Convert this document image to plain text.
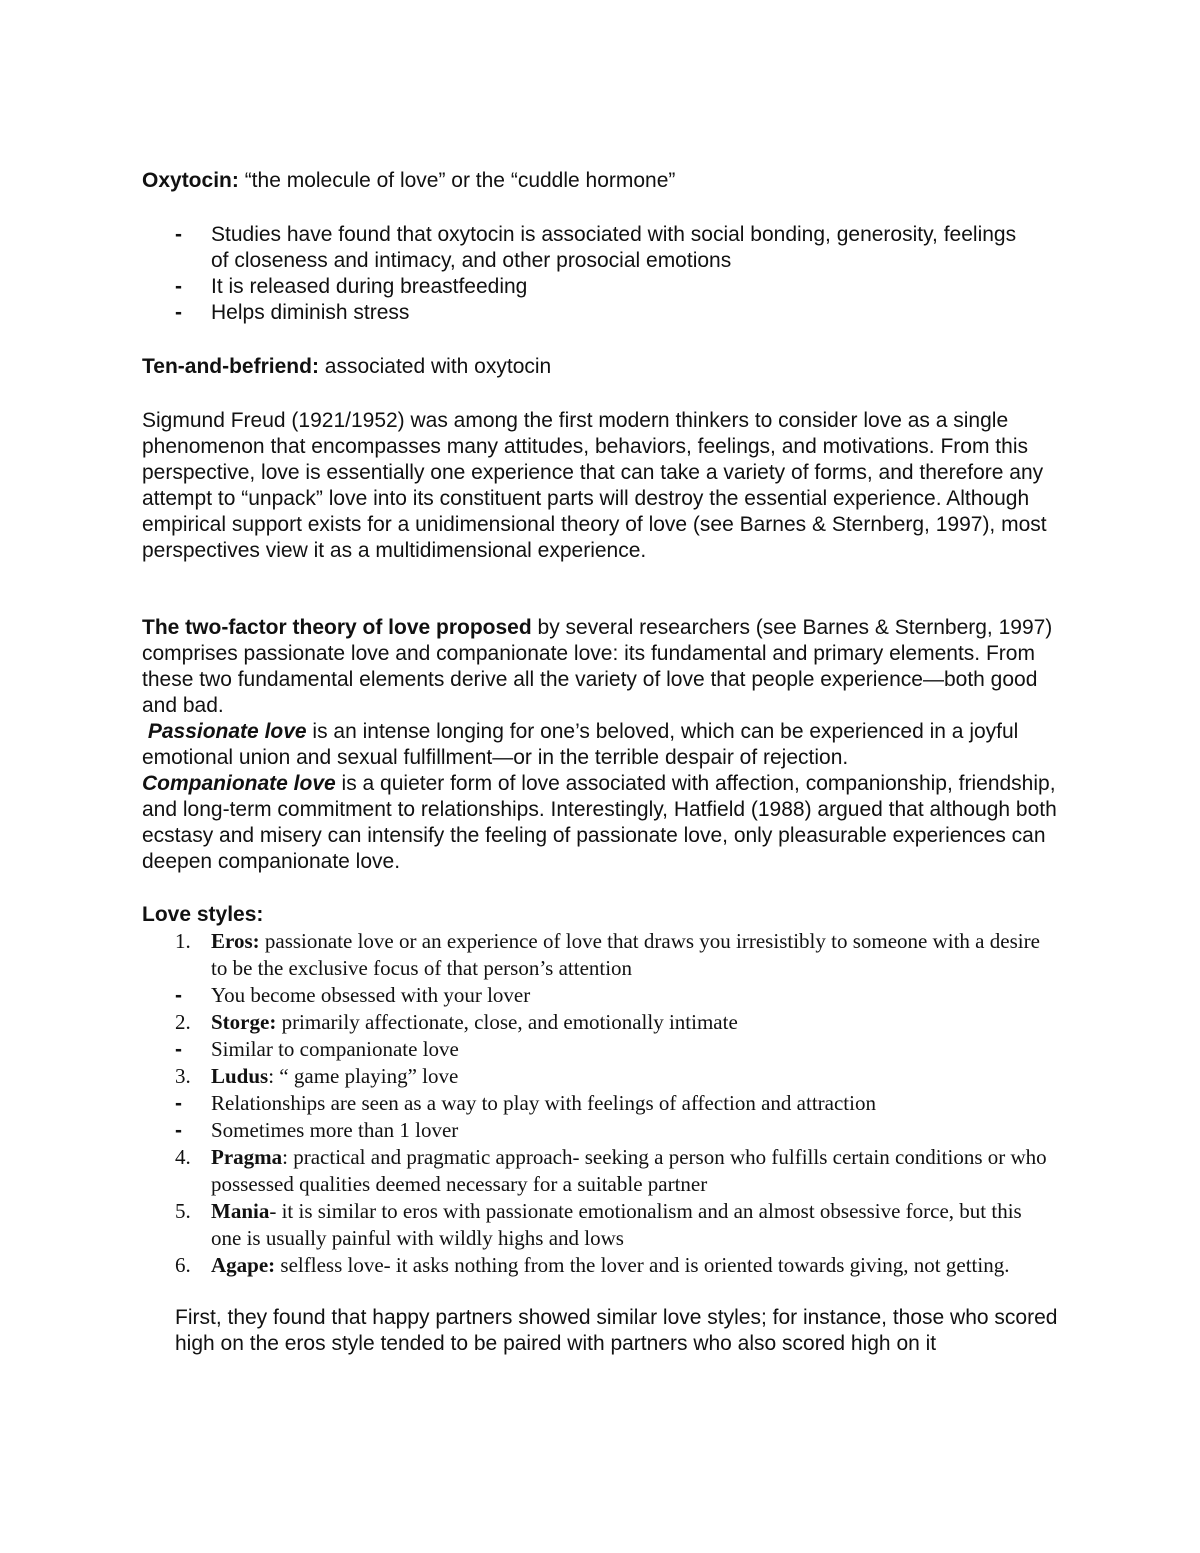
Oxytocin: “the molecule of love” or the “cuddle hormone”

- Studies have found that oxytocin is associated with social bonding, generosity, feelings of closeness and intimacy, and other prosocial emotions
- It is released during breastfeeding
- Helps diminish stress

Ten-and-befriend: associated with oxytocin

Sigmund Freud (1921/1952) was among the first modern thinkers to consider love as a single phenomenon that encompasses many attitudes, behaviors, feelings, and motivations. From this perspective, love is essentially one experience that can take a variety of forms, and therefore any attempt to “unpack” love into its constituent parts will destroy the essential experience. Although empirical support exists for a unidimensional theory of love (see Barnes & Sternberg, 1997), most perspectives view it as a multidimensional experience.

The two-factor theory of love proposed by several researchers (see Barnes & Sternberg, 1997) comprises passionate love and companionate love: its fundamental and primary elements. From these two fundamental elements derive all the variety of love that people experience—both good and bad.
Passionate love is an intense longing for one’s beloved, which can be experienced in a joyful emotional union and sexual fulfillment—or in the terrible despair of rejection.
Companionate love is a quieter form of love associated with affection, companionship, friendship, and long-term commitment to relationships. Interestingly, Hatfield (1988) argued that although both ecstasy and misery can intensify the feeling of passionate love, only pleasurable experiences can deepen companionate love.

Love styles:

1. Eros: passionate love or an experience of love that draws you irresistibly to someone with a desire to be the exclusive focus of that person’s attention
- You become obsessed with your lover
2. Storge: primarily affectionate, close, and emotionally intimate
- Similar to companionate love
3. Ludus: “ game playing” love
- Relationships are seen as a way to play with feelings of affection and attraction
- Sometimes more than 1 lover
4. Pragma: practical and pragmatic approach- seeking a person who fulfills certain conditions or who possessed qualities deemed necessary for a suitable partner
5. Mania- it is similar to eros with passionate emotionalism and an almost obsessive force, but this one is usually painful with wildly highs and lows
6. Agape: selfless love- it asks nothing from the lover and is oriented towards giving, not getting.

First, they found that happy partners showed similar love styles; for instance, those who scored high on the eros style tended to be paired with partners who also scored high on it
